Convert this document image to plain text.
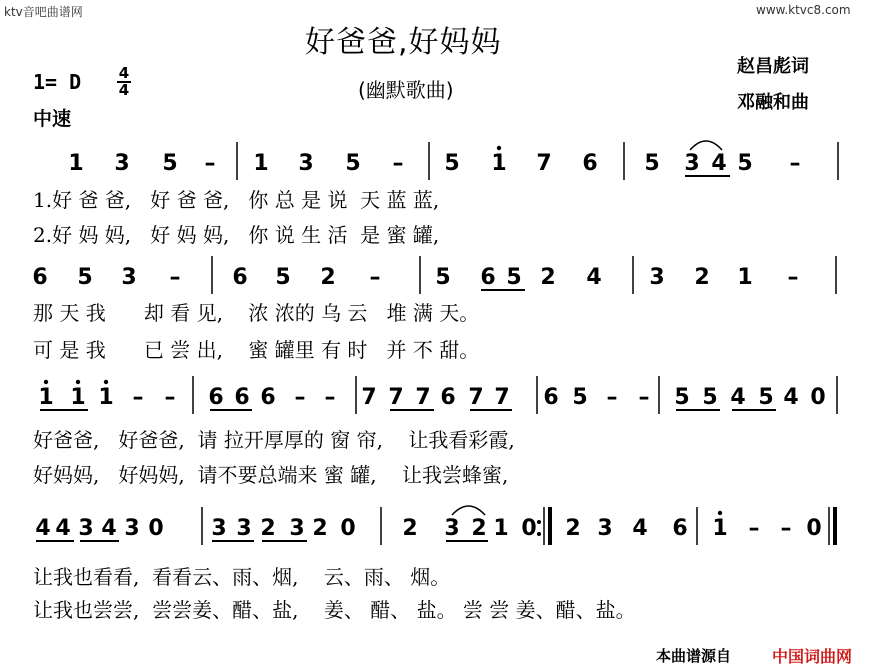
ktv音吧曲谱网	www.ktvc8.com
好爸爸,好妈妈
(幽默歌曲)
赵昌彪词
邓融和曲
1= D	4
4
中速
1 3 5 – 1 3 5 – 5 1 7 6 5 3 4 5 –
6 5 3 – 6 5 2 – 5 6 5 2 4 3 2 1 –
1 1 1 – – 6 6 6 – – 7 7 7 6 7 7 6 5 – – 5 5 4 5 4 0
4 4 3 4 3 0 3 3 2 3 2 0 2 3 2 1 0 2 3 4 6 1 – – 0
1.好 爸 爸,   好 爸 爸,   你 总 是 说  天 蓝 蓝,
2.好 妈 妈,   好 妈 妈,   你 说 生 活  是 蜜 罐,
那 天 我      却 看 见,    浓 浓的 乌 云   堆 满 天。
可 是 我      已 尝 出,    蜜 罐里 有 时   并 不 甜。
好爸爸,   好爸爸,  请 拉开厚厚的 窗 帘,    让我看彩霞,
好妈妈,   好妈妈,  请不要总端来 蜜 罐,    让我尝蜂蜜,
让我也看看,  看看云、雨、烟,    云、雨、 烟。
让我也尝尝,  尝尝姜、醋、盐,    姜、 醋、 盐。 尝 尝 姜、醋、盐。
本曲谱源自	中国词曲网
